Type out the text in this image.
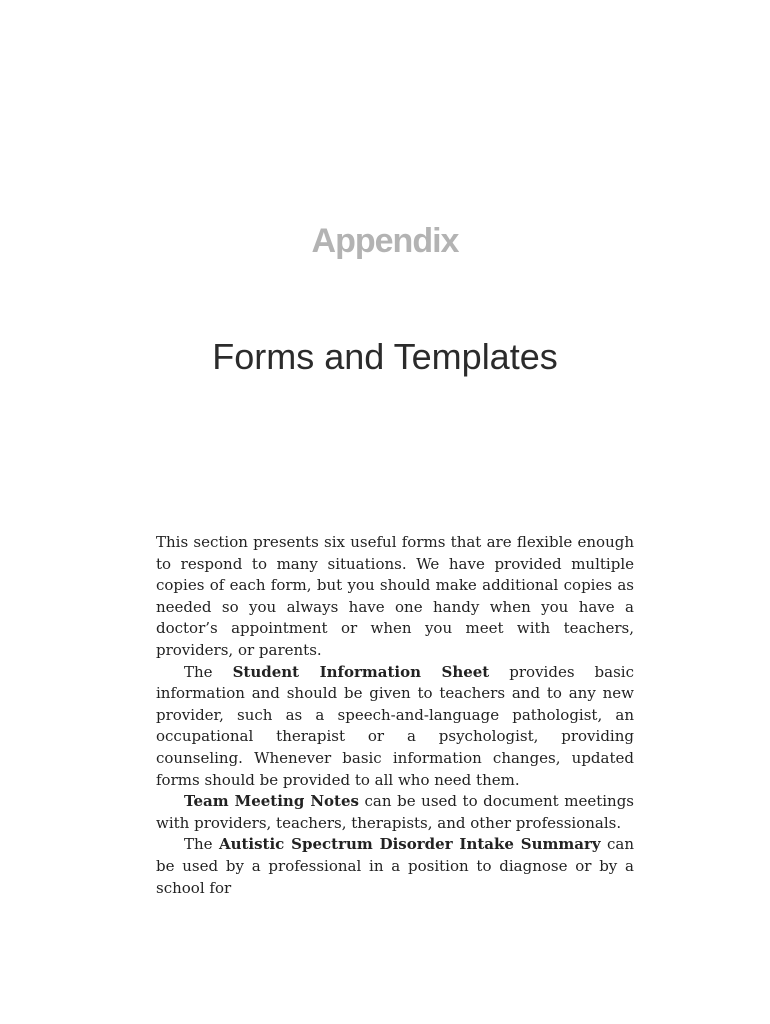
Appendix
Forms and Templates

This section presents six useful forms that are flexible enough to respond to many situations. We have provided multiple copies of each form, but you should make additional copies as needed so you always have one handy when you have a doctor’s appointment or when you meet with teachers, providers, or parents.

The Student Information Sheet provides basic information and should be given to teachers and to any new provider, such as a speech-and-language pathologist, an occupational therapist or a psychologist, providing counseling. Whenever basic information changes, updated forms should be provided to all who need them.

Team Meeting Notes can be used to document meetings with providers, teachers, therapists, and other professionals.

The Autistic Spectrum Disorder Intake Summary can be used by a professional in a position to diagnose or by a school for
